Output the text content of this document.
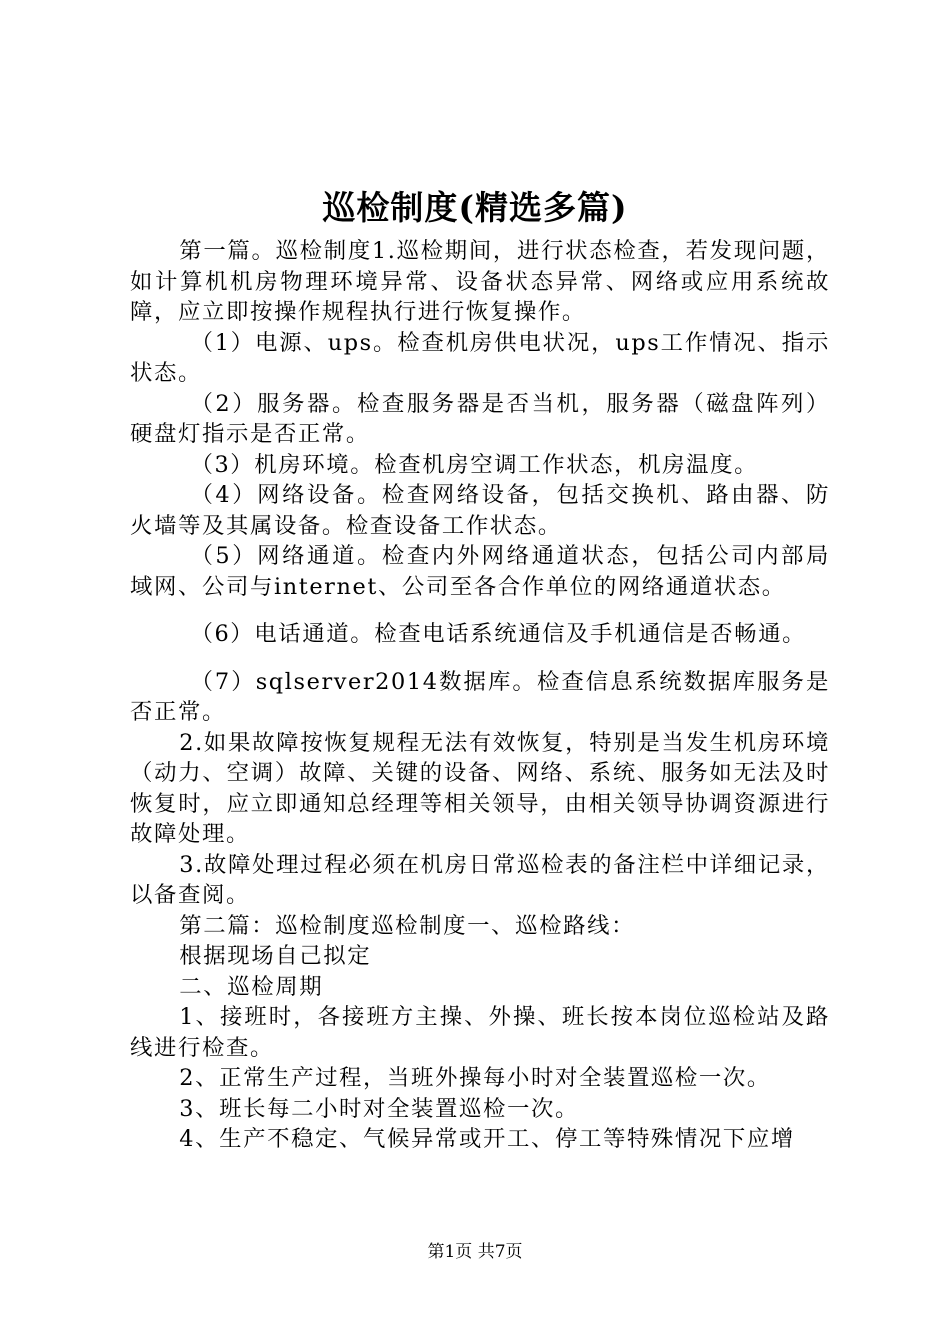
巡检制度(精选多篇)

第一篇。巡检制度1.巡检期间，进行状态检查，若发现问题，如计算机机房物理环境异常、设备状态异常、网络或应用系统故障，应立即按操作规程执行进行恢复操作。

（1）电源、ups。检查机房供电状况，ups工作情况、指示状态。

（2）服务器。检查服务器是否当机，服务器（磁盘阵列）硬盘灯指示是否正常。

（3）机房环境。检查机房空调工作状态，机房温度。

（4）网络设备。检查网络设备，包括交换机、路由器、防火墙等及其属设备。检查设备工作状态。

（5）网络通道。检查内外网络通道状态，包括公司内部局域网、公司与internet、公司至各合作单位的网络通道状态。

（6）电话通道。检查电话系统通信及手机通信是否畅通。

（7）sqlserver2014数据库。检查信息系统数据库服务是否正常。

2.如果故障按恢复规程无法有效恢复，特别是当发生机房环境（动力、空调）故障、关键的设备、网络、系统、服务如无法及时恢复时，应立即通知总经理等相关领导，由相关领导协调资源进行故障处理。

3.故障处理过程必须在机房日常巡检表的备注栏中详细记录，以备查阅。

第二篇：巡检制度巡检制度一、巡检路线：

根据现场自己拟定

二、巡检周期

1、接班时，各接班方主操、外操、班长按本岗位巡检站及路线进行检查。

2、正常生产过程，当班外操每小时对全装置巡检一次。

3、班长每二小时对全装置巡检一次。

4、生产不稳定、气候异常或开工、停工等特殊情况下应增

第1页 共7页
